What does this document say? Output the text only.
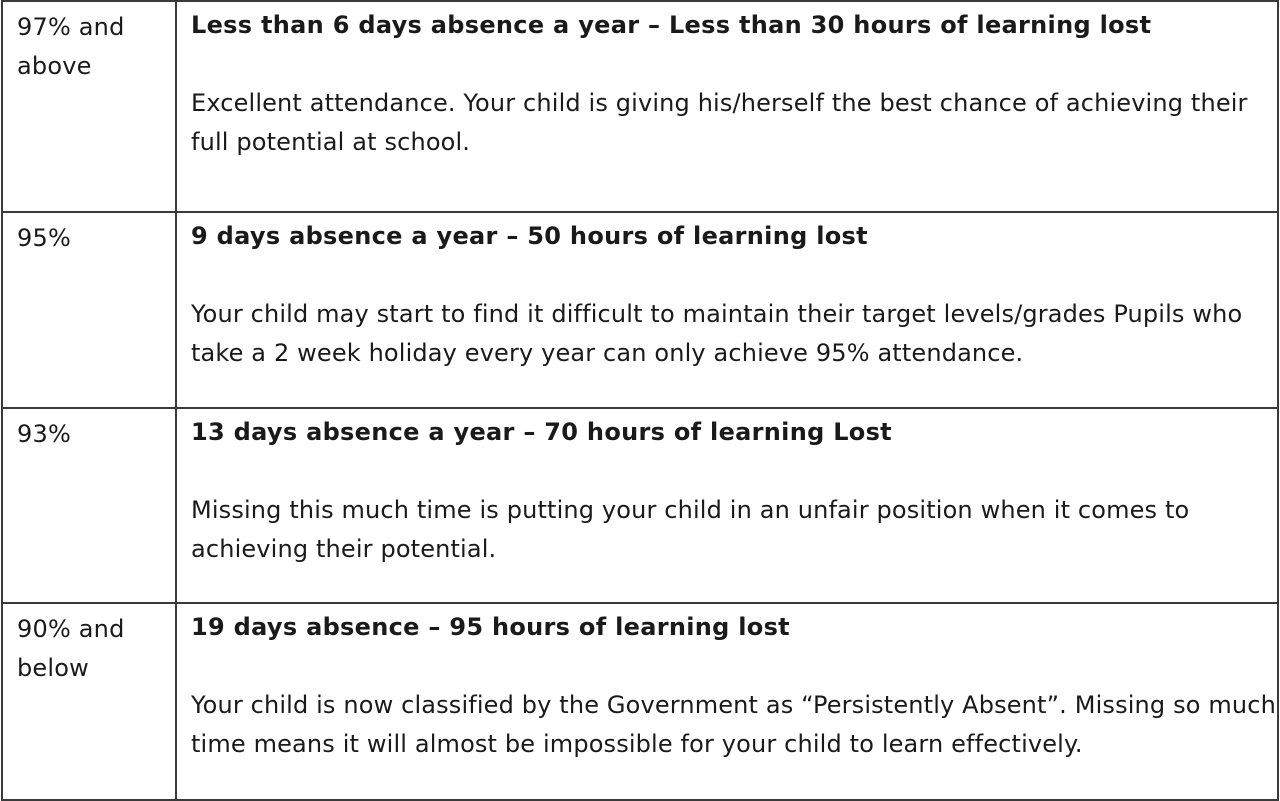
97% and above	Less than 6 days absence a year – Less than 30 hours of learning lost

Excellent attendance. Your child is giving his/herself the best chance of achieving their full potential at school.

95%	9 days absence a year – 50 hours of learning lost

Your child may start to find it difficult to maintain their target levels/grades Pupils who take a 2 week holiday every year can only achieve 95% attendance.

93%	13 days absence a year – 70 hours of learning Lost

Missing this much time is putting your child in an unfair position when it comes to achieving their potential.

90% and below	19 days absence – 95 hours of learning lost

Your child is now classified by the Government as “Persistently Absent”. Missing so much time means it will almost be impossible for your child to learn effectively.
